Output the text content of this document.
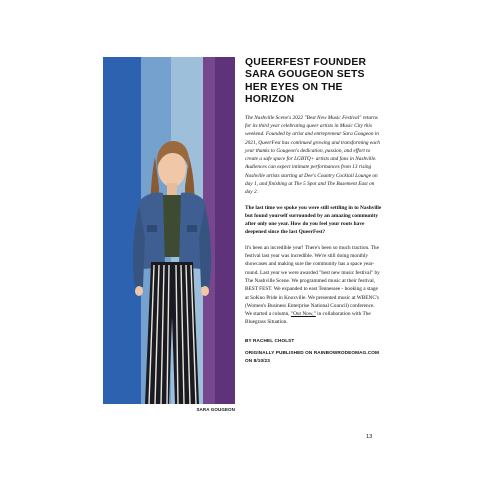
SARA GOUGEON
QUEERFEST FOUNDER SARA GOUGEON SETS HER EYES ON THE HORIZON

The Nashville Scene's 2022 "Best New Music Festival" returns for its third year celebrating queer artists in Music City this weekend. Founded by artist and entrepreneur Sara Gougeon in 2021, QueerFest has continued growing and transforming each year thanks to Gougeon's dedication, passion, and effort to create a safe space for LGBTQ+ artists and fans in Nashville. Audiences can expect intimate performances from 13 rising Nashville artists starting at Dee's Country Cocktail Lounge on day 1, and finishing at The 5 Spot and The Basement East on day 2.

The last time we spoke you were still settling in to Nashville but found yourself surrounded by an amazing community after only one year. How do you feel your roots have deepened since the last QueerFest?

It's been an incredible year! There's been so much traction. The festival last year was incredible. We're still doing monthly showcases and making sure the community has a space year-round. Last year we were awarded "best new music festival" by The Nashville Scene. We programmed music at their festival, BEST FEST. We expanded to east Tennessee - booking a stage at SoKno Pride in Knoxville. We presented music at WBENC's (Women's Business Enterprise National Council) conference. We started a column, "Out Now," in collaboration with The Bluegrass Situation.

BY RACHEL CHOLST

ORIGINALLY PUBLISHED ON RAINBOWRODEOMAG.COM ON 8/10/23

13
